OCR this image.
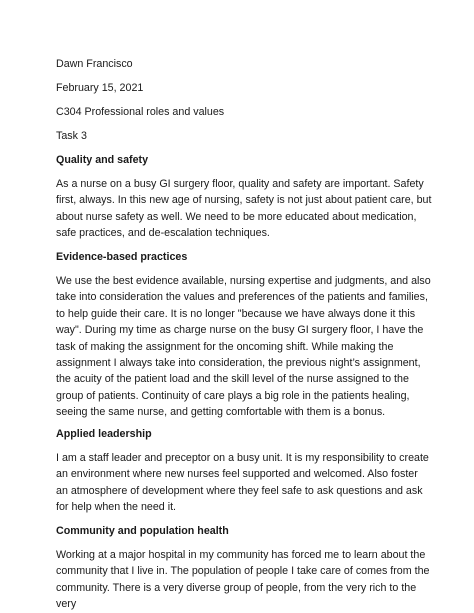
Dawn Francisco
February 15, 2021
C304 Professional roles and values
Task 3
Quality and safety

As a nurse on a busy GI surgery floor, quality and safety are important. Safety first, always. In this new age of nursing, safety is not just about patient care, but about nurse safety as well. We need to be more educated about medication, safe practices, and de-escalation techniques.

Evidence-based practices

We use the best evidence available, nursing expertise and judgments, and also take into consideration the values and preferences of the patients and families, to help guide their care. It is no longer "because we have always done it this way". During my time as charge nurse on the busy GI surgery floor, I have the task of making the assignment for the oncoming shift. While making the assignment I always take into consideration, the previous night’s assignment, the acuity of the patient load and the skill level of the nurse assigned to the group of patients. Continuity of care plays a big role in the patients healing, seeing the same nurse, and getting comfortable with them is a bonus.

Applied leadership

I am a staff leader and preceptor on a busy unit. It is my responsibility to create an environment where new nurses feel supported and welcomed. Also foster an atmosphere of development where they feel safe to ask questions and ask for help when the need it.

Community and population health

Working at a major hospital in my community has forced me to learn about the community that I live in. The population of people I take care of comes from the community. There is a very diverse group of people, from the very rich to the very
